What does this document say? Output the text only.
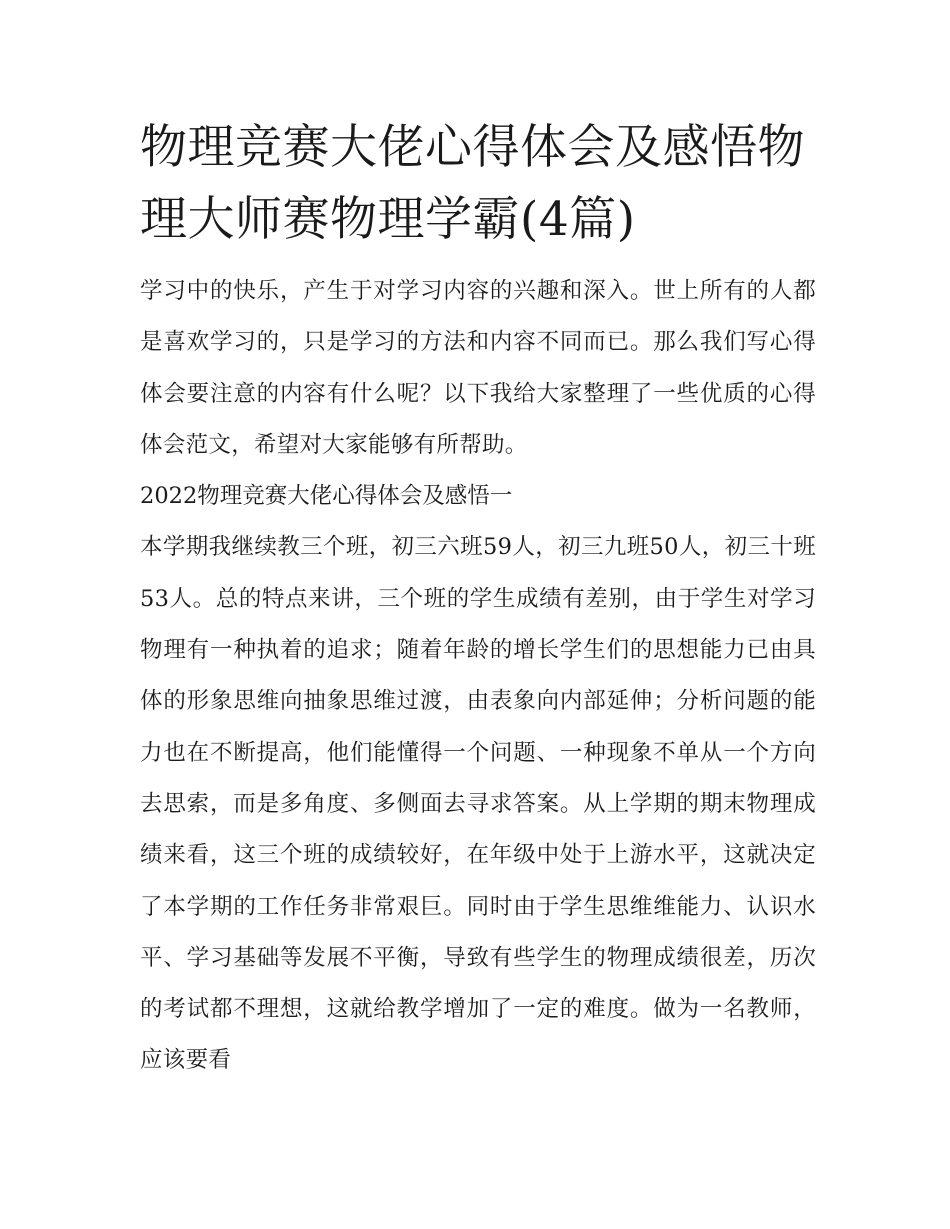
物理竞赛大佬心得体会及感悟物理大师赛物理学霸(4篇)

学习中的快乐，产生于对学习内容的兴趣和深入。世上所有的人都是喜欢学习的，只是学习的方法和内容不同而已。那么我们写心得体会要注意的内容有什么呢？以下我给大家整理了一些优质的心得体会范文，希望对大家能够有所帮助。

2022物理竞赛大佬心得体会及感悟一

本学期我继续教三个班，初三六班59人，初三九班50人，初三十班53人。总的特点来讲，三个班的学生成绩有差别，由于学生对学习物理有一种执着的追求；随着年龄的增长学生们的思想能力已由具体的形象思维向抽象思维过渡，由表象向内部延伸；分析问题的能力也在不断提高，他们能懂得一个问题、一种现象不单从一个方向去思索，而是多角度、多侧面去寻求答案。从上学期的期末物理成绩来看，这三个班的成绩较好，在年级中处于上游水平，这就决定了本学期的工作任务非常艰巨。同时由于学生思维维能力、认识水平、学习基础等发展不平衡，导致有些学生的物理成绩很差，历次的考试都不理想，这就给教学增加了一定的难度。做为一名教师，应该要看
